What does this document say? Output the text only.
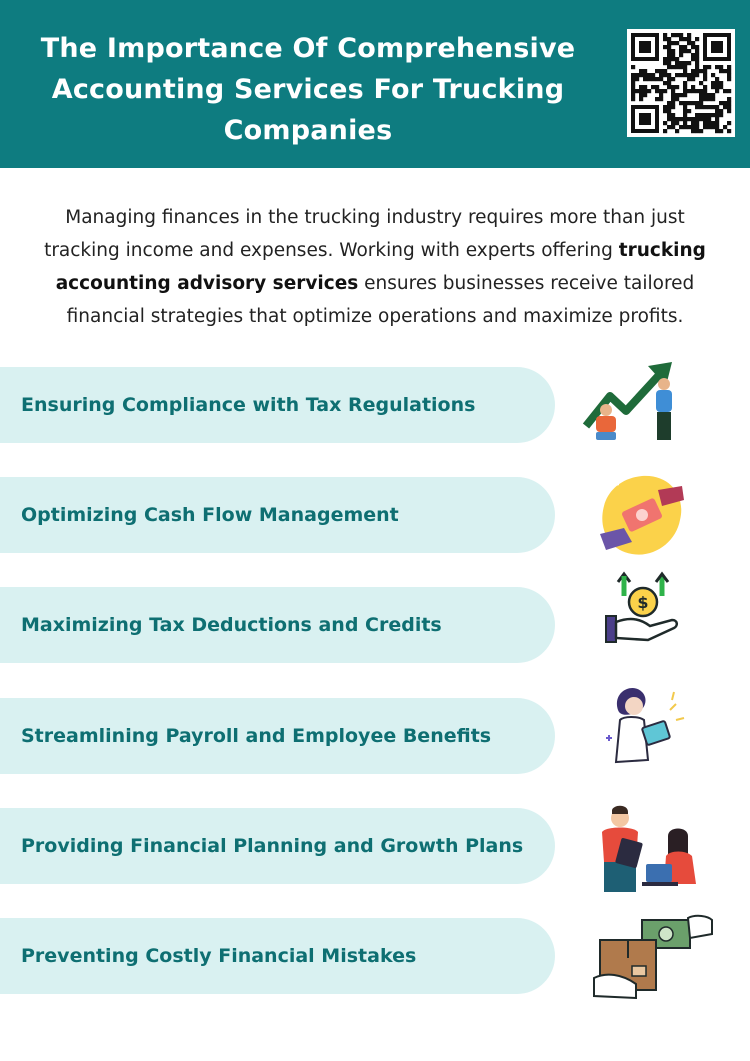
The Importance Of Comprehensive Accounting Services For Trucking Companies
Managing finances in the trucking industry requires more than just tracking income and expenses. Working with experts offering trucking accounting advisory services ensures businesses receive tailored financial strategies that optimize operations and maximize profits.
Ensuring Compliance with Tax Regulations
Optimizing Cash Flow Management
Maximizing Tax Deductions and Credits
Streamlining Payroll and Employee Benefits
Providing Financial Planning and Growth Plans
Preventing Costly Financial Mistakes
$
